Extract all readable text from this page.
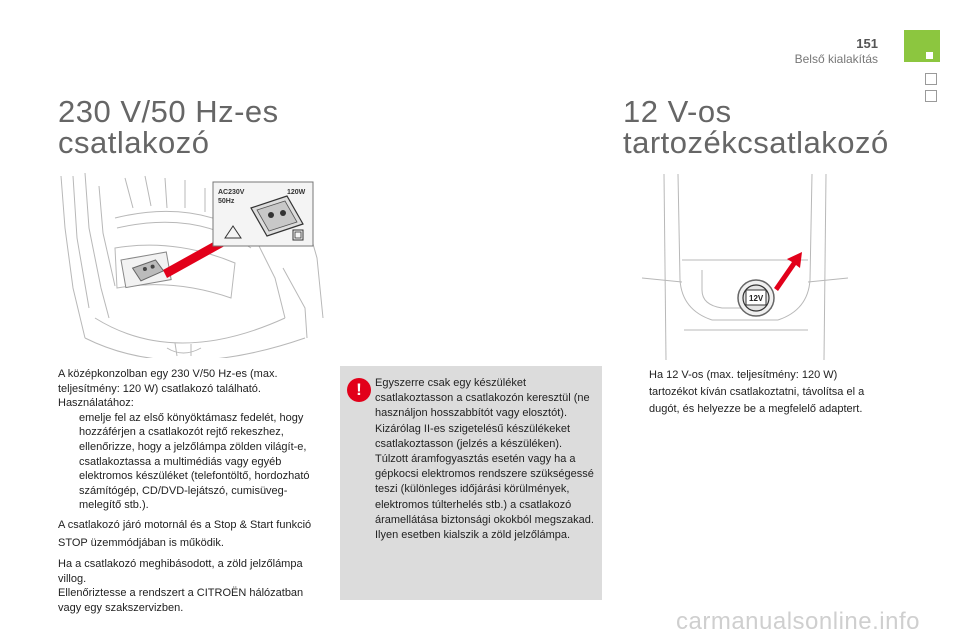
151
Belső kialakítás
230 V/50 Hz-es
csatlakozó
12 V-os
tartozékcsatlakozó
AC230V
50Hz
120W
12V

A középkonzolban egy 230 V/50 Hz-es (max. teljesítmény: 120 W) csatlakozó található.

Használatához:

emelje fel az első könyöktámasz fedelét, hogy hozzáférjen a csatlakozót rejtő rekeszhez,
ellenőrizze, hogy a jelzőlámpa zölden világít-e,
csatlakoztassa a multimédiás vagy egyéb elektromos készüléket (telefontöltő, hordozható számítógép, CD/DVD-lejátszó, cumisüveg-melegítő stb.).

A csatlakozó járó motornál és a Stop & Start funkció STOP üzemmódjában is működik.

Ha a csatlakozó meghibásodott, a zöld jelzőlámpa villog.

Ellenőriztesse a rendszert a CITROËN hálózatban vagy egy szakszervizben.

!	Egyszerre csak egy készüléket csatlakoztasson a csatlakozón keresztül (ne használjon hosszabbítót vagy elosztót).

Kizárólag II-es szigetelésű készülékeket csatlakoztasson (jelzés a készüléken).

Túlzott áramfogyasztás esetén vagy ha a gépkocsi elektromos rendszere szükségessé teszi (különleges időjárási körülmények, elektromos túlterhelés stb.) a csatlakozó áramellátása biztonsági okokból megszakad. Ilyen esetben kialszik a zöld jelzőlámpa.

Ha 12 V-os (max. teljesítmény: 120 W) tartozékot kíván csatlakoztatni, távolítsa el a dugót, és helyezze be a megfelelő adaptert.
carmanualsonline.info
